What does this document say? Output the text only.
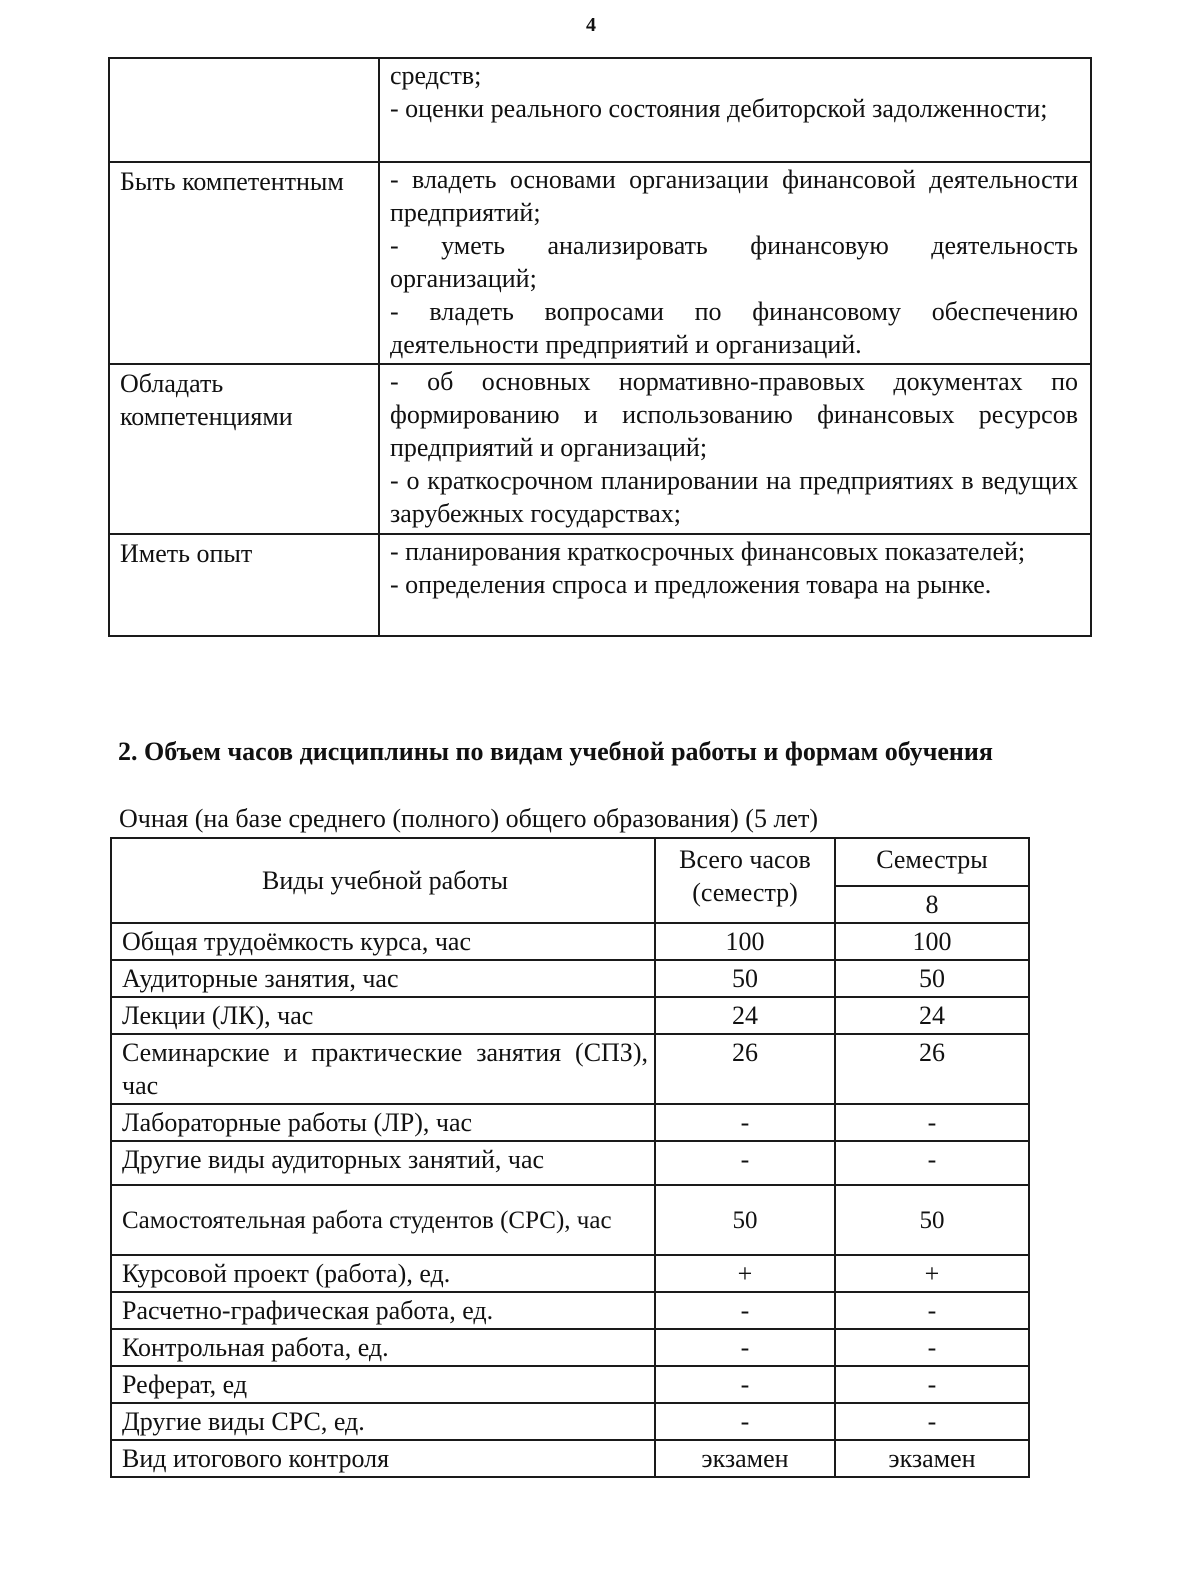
4

	средств;
- оценки реального состояния дебиторской задолженности;

Быть компетентным	- владеть основами организации финансовой деятельности предприятий;
- уметь анализировать финансовую деятельность организаций;
- владеть вопросами по финансовому обеспечению деятельности предприятий и организаций.

Обладать компетенциями	- об основных нормативно-правовых документах по формированию и использованию финансовых ресурсов предприятий и организаций;
- о краткосрочном планировании на предприятиях в ведущих зарубежных государствах;

Иметь опыт	- планирования краткосрочных финансовых показателей;
- определения спроса и предложения товара на рынке.
2. Объем часов дисциплины по видам учебной работы и формам обучения
Очная (на базе среднего (полного) общего образования) (5 лет)
Виды учебной работы	Всего часов (семестр)	Семестры
		8
Общая трудоёмкость курса, час	100	100
Аудиторные занятия, час	50	50
Лекции (ЛК), час	24	24
Семинарские и практические занятия (СПЗ), час	26	26
Лабораторные работы (ЛР), час	-	-
Другие виды аудиторных занятий, час	-	-
Самостоятельная работа студентов (СРС), час	50	50
Курсовой проект (работа), ед.	+	+
Расчетно-графическая работа, ед.	-	-
Контрольная работа, ед.	-	-
Реферат, ед	-	-
Другие виды СРС, ед.	-	-
Вид итогового контроля	экзамен	экзамен
